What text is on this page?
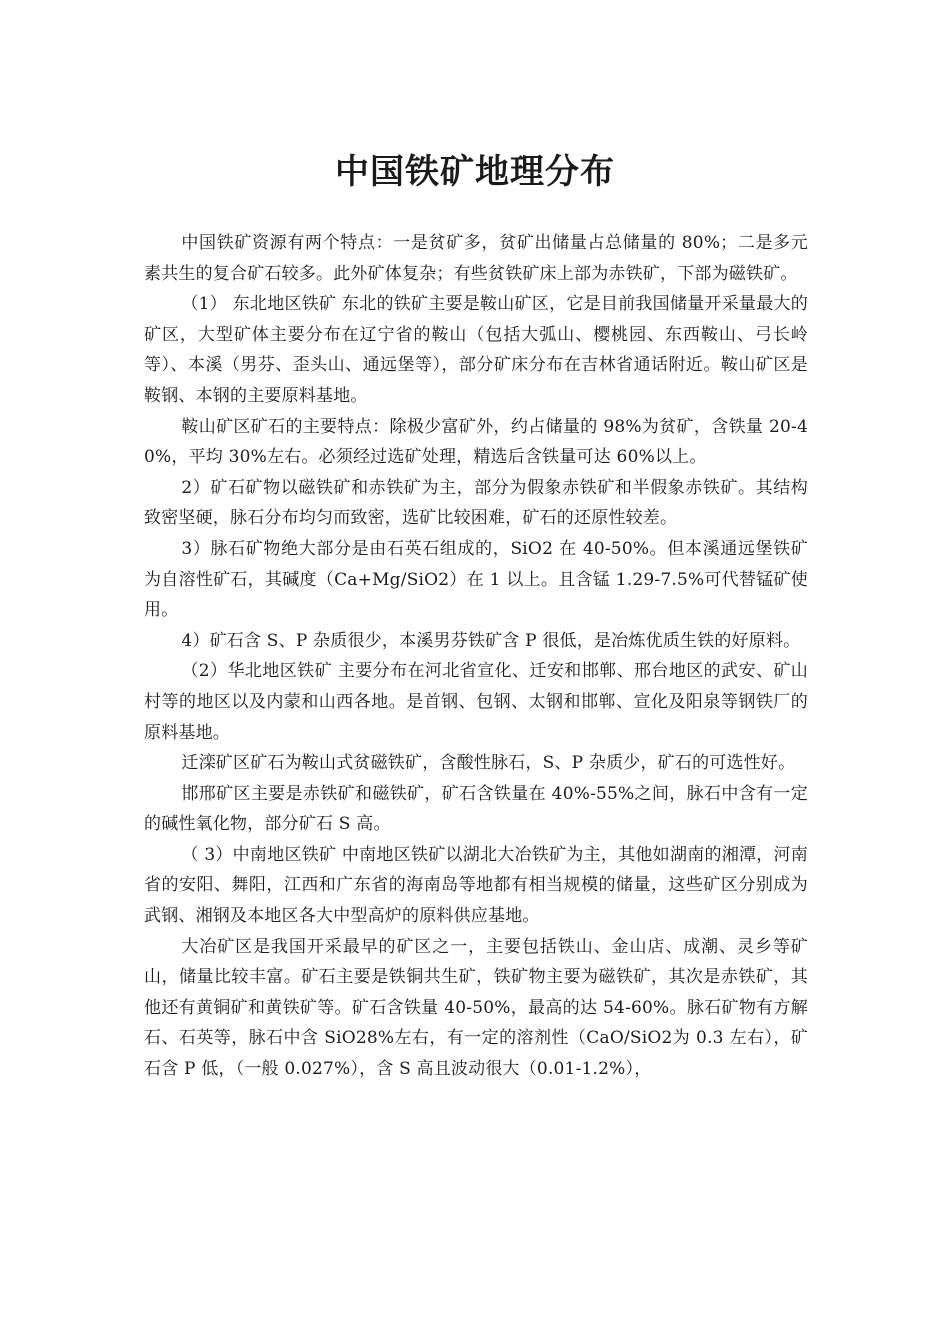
中国铁矿地理分布

中国铁矿资源有两个特点：一是贫矿多，贫矿出储量占总储量的 80%；二是多元素共生的复合矿石较多。此外矿体复杂；有些贫铁矿床上部为赤铁矿，下部为磁铁矿。

（1） 东北地区铁矿 东北的铁矿主要是鞍山矿区，它是目前我国储量开采量最大的矿区，大型矿体主要分布在辽宁省的鞍山（包括大弧山、樱桃园、东西鞍山、弓长岭等）、本溪（男芬、歪头山、通远堡等），部分矿床分布在吉林省通话附近。鞍山矿区是鞍钢、本钢的主要原料基地。

鞍山矿区矿石的主要特点：除极少富矿外，约占储量的 98%为贫矿，含铁量 20-40%，平均 30%左右。必须经过选矿处理，精选后含铁量可达 60%以上。

2）矿石矿物以磁铁矿和赤铁矿为主，部分为假象赤铁矿和半假象赤铁矿。其结构致密坚硬，脉石分布均匀而致密，选矿比较困难，矿石的还原性较差。

3）脉石矿物绝大部分是由石英石组成的，SiO2 在 40-50%。但本溪通远堡铁矿为自溶性矿石，其碱度（Ca+Mg/SiO2）在 1 以上。且含锰 1.29-7.5%可代替锰矿使用。

4）矿石含 S、P 杂质很少，本溪男芬铁矿含 P 很低，是冶炼优质生铁的好原料。

（2）华北地区铁矿 主要分布在河北省宣化、迁安和邯郸、邢台地区的武安、矿山村等的地区以及内蒙和山西各地。是首钢、包钢、太钢和邯郸、宣化及阳泉等钢铁厂的原料基地。

迁滦矿区矿石为鞍山式贫磁铁矿，含酸性脉石，S、P 杂质少，矿石的可选性好。

邯邢矿区主要是赤铁矿和磁铁矿，矿石含铁量在 40%-55%之间，脉石中含有一定的碱性氧化物，部分矿石 S 高。

（ 3）中南地区铁矿 中南地区铁矿以湖北大冶铁矿为主，其他如湖南的湘潭，河南省的安阳、舞阳，江西和广东省的海南岛等地都有相当规模的储量，这些矿区分别成为武钢、湘钢及本地区各大中型高炉的原料供应基地。

大冶矿区是我国开采最早的矿区之一，主要包括铁山、金山店、成潮、灵乡等矿山，储量比较丰富。矿石主要是铁铜共生矿，铁矿物主要为磁铁矿，其次是赤铁矿，其他还有黄铜矿和黄铁矿等。矿石含铁量 40-50%，最高的达 54-60%。脉石矿物有方解石、石英等，脉石中含 SiO28%左右，有一定的溶剂性（CaO/SiO2为 0.3 左右），矿石含 P 低，（一般 0.027%），含 S 高且波动很大（0.01-1.2%），
